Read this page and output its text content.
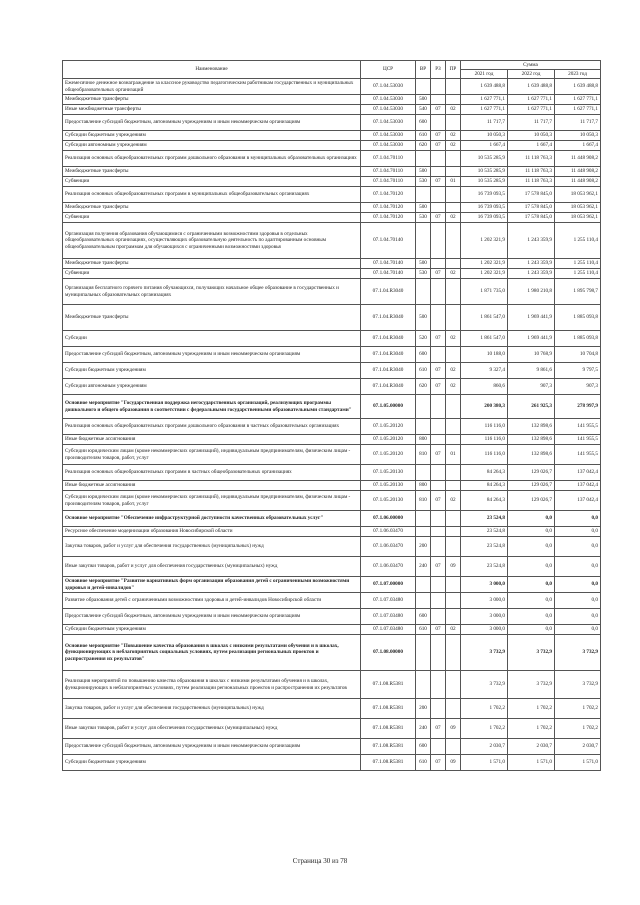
Наименование	ЦСР	ВР	РЗ	ПР	Сумма		
					2021 год	2022 год	2023 год
Ежемесячное денежное вознаграждение за классное руководство педагогическим работникам государственных и муниципальных общеобразовательных организаций	07.1.04.53030				1 639 488,8	1 639 488,8	1 639 488,8
Межбюджетные трансферты	07.1.04.53030	500			1 627 771,1	1 627 771,1	1 627 771,1
Иные межбюджетные трансферты	07.1.04.53030	540	07	02	1 627 771,1	1 627 771,1	1 627 771,1
Предоставление субсидий бюджетным, автономным учреждениям и иным некоммерческим организациям	07.1.04.53030	600			11 717,7	11 717,7	11 717,7
Субсидии бюджетным учреждениям	07.1.04.53030	610	07	02	10 050,3	10 050,3	10 050,3
Субсидии автономным учреждениям	07.1.04.53030	620	07	02	1 667,4	1 667,4	1 667,4
Реализация основных общеобразовательных программ дошкольного образования в муниципальных образовательных организациях	07.1.04.70110				10 535 285,9	11 118 763,3	11 448 908,2
Межбюджетные трансферты	07.1.04.70110	500			10 535 285,9	11 118 763,3	11 448 908,2
Субвенции	07.1.04.70110	530	07	01	10 535 285,9	11 118 763,3	11 448 908,2
Реализация основных общеобразовательных программ в муниципальных общеобразовательных организациях	07.1.04.70120				16 739 093,5	17 578 845,0	18 053 962,1
Межбюджетные трансферты	07.1.04.70120	500			16 739 093,5	17 578 845,0	18 053 962,1
Субвенции	07.1.04.70120	530	07	02	16 739 093,5	17 578 845,0	18 053 962,1
Организация получения образования обучающимися с ограниченными возможностями здоровья в отдельных общеобразовательных организациях, осуществляющих образовательную деятельность по адаптированным основным общеобразовательным программам для обучающихся с ограниченными возможностями здоровья	07.1.04.70140				1 202 321,9	1 243 359,9	1 255 110,4
Межбюджетные трансферты	07.1.04.70140	500			1 202 321,9	1 243 359,9	1 255 110,4
Субвенции	07.1.04.70140	530	07	02	1 202 321,9	1 243 359,9	1 255 110,4
Организация бесплатного горячего питания обучающихся, получающих начальное общее образование в государственных и муниципальных образовательных организациях	07.1.04.R3040				1 871 735,0	1 980 210,8	1 895 798,7
Межбюджетные трансферты	07.1.04.R3040	500			1 861 547,0	1 969 441,9	1 885 093,8
Субсидии	07.1.04.R3040	520	07	02	1 861 547,0	1 969 441,9	1 885 093,8
Предоставление субсидий бюджетным, автономным учреждениям и иным некоммерческим организациям	07.1.04.R3040	600			10 188,0	10 768,9	10 704,8
Субсидии бюджетным учреждениям	07.1.04.R3040	610	07	02	9 327,4	9 861,6	9 797,5
Субсидии автономным учреждениям	07.1.04.R3040	620	07	02	860,6	907,3	907,3
Основное мероприятие "Государственная поддержка негосударственных организаций, реализующих программы дошкольного и общего образования в соответствии с федеральными государственными образовательными стандартами"	07.1.05.00000				200 380,3	261 925,3	278 997,9
Реализация основных общеобразовательных программ дошкольного образования в частных образовательных организациях	07.1.05.20120				116 116,0	132 898,6	141 955,5
Иные бюджетные ассигнования	07.1.05.20120	800			116 116,0	132 898,6	141 955,5
Субсидии юридическим лицам (кроме некоммерческих организаций), индивидуальным предпринимателям, физическим лицам - производителям товаров, работ, услуг	07.1.05.20120	810	07	01	116 116,0	132 898,6	141 955,5
Реализация основных общеобразовательных программ в частных общеобразовательных организациях	07.1.05.20130				84 264,3	129 026,7	137 042,4
Иные бюджетные ассигнования	07.1.05.20130	800			84 264,3	129 026,7	137 042,4
Субсидии юридическим лицам (кроме некоммерческих организаций), индивидуальным предпринимателям, физическим лицам - производителям товаров, работ, услуг	07.1.05.20130	810	07	02	84 264,3	129 026,7	137 042,4
Основное мероприятие "Обеспечение инфраструктурной доступности качественных образовательных услуг"	07.1.06.00000				23 524,8	0,0	0,0
Ресурсное обеспечение модернизации образования Новосибирской области	07.1.06.03470				23 524,8	0,0	0,0
Закупка товаров, работ и услуг для обеспечения государственных (муниципальных) нужд	07.1.06.03470	200			23 524,8	0,0	0,0
Иные закупки товаров, работ и услуг для обеспечения государственных (муниципальных) нужд	07.1.06.03470	240	07	09	23 524,8	0,0	0,0
Основное мероприятие "Развитие вариативных форм организации образования детей с ограниченными возможностями здоровья и детей-инвалидов"	07.1.07.00000				3 000,0	0,0	0,0
Развитие образования детей с ограниченными возможностями здоровья и детей-инвалидов Новосибирской области	07.1.07.03480				3 000,0	0,0	0,0
Предоставление субсидий бюджетным, автономным учреждениям и иным некоммерческим организациям	07.1.07.03480	600			3 000,0	0,0	0,0
Субсидии бюджетным учреждениям	07.1.07.03480	610	07	02	3 000,0	0,0	0,0
Основное мероприятие "Повышение качества образования в школах с низкими результатами обучения и в школах, функционирующих в неблагоприятных социальных условиях, путем реализации региональных проектов и распространения их результатов"	07.1.08.00000				3 732,9	3 732,9	3 732,9
Реализация мероприятий по повышению качества образования в школах с низкими результатами обучения и в школах, функционирующих в неблагоприятных условиях, путем реализации региональных проектов и распространения их результатов	07.1.08.R5381				3 732,9	3 732,9	3 732,9
Закупка товаров, работ и услуг для обеспечения государственных (муниципальных) нужд	07.1.08.R5381	200			1 702,2	1 702,2	1 702,2
Иные закупки товаров, работ и услуг для обеспечения государственных (муниципальных) нужд	07.1.08.R5381	240	07	09	1 702,2	1 702,2	1 702,2
Предоставление субсидий бюджетным, автономным учреждениям и иным некоммерческим организациям	07.1.08.R5381	600			2 030,7	2 030,7	2 030,7
Субсидии бюджетным учреждениям	07.1.08.R5381	610	07	09	1 571,0	1 571,0	1 571,0
Страница 30 из 78
